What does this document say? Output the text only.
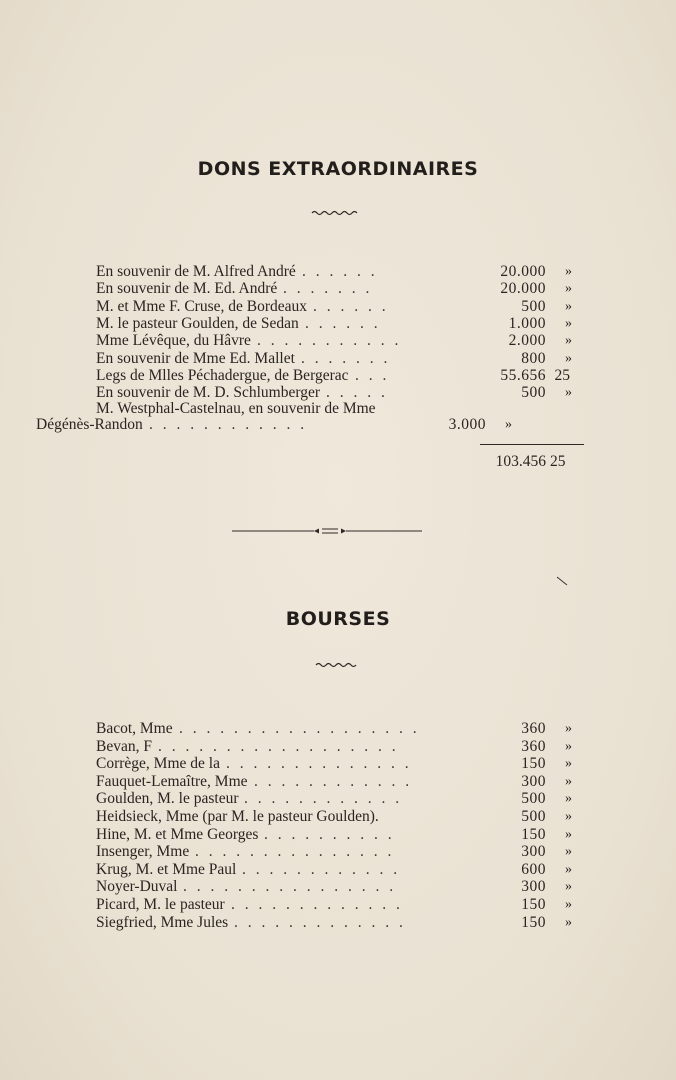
DONS EXTRAORDINAIRES
En souvenir de M. Alfred André . . . . . .	20.000 »
En souvenir de M. Ed. André . . . . . . .	20.000 »
M. et Mme F. Cruse, de Bordeaux . . . . . .	500 »
M. le pasteur Goulden, de Sedan . . . . . .	1.000 »
Mme Lévêque, du Hâvre . . . . . . . . . . .	2.000 »
En souvenir de Mme Ed. Mallet . . . . . . .	800 »
Legs de Mlles Péchadergue, de Bergerac . . .	55.656 25
En souvenir de M. D. Schlumberger . . . . .	500 »
M. Westphal-Castelnau, en souvenir de Mme
Dégénès-Randon . . . . . . . . . . . .	3.000 »
103.456 25
BOURSES
Bacot, Mme . . . . . . . . . . . . . . . . . .	360 »
Bevan, F . . . . . . . . . . . . . . . . . .	360 »
Corrège, Mme de la . . . . . . . . . . . . . .	150 »
Fauquet-Lemaître, Mme . . . . . . . . . . . .	300 »
Goulden, M. le pasteur . . . . . . . . . . . .	500 »
Heidsieck, Mme (par M. le pasteur Goulden).	500 »
Hine, M. et Mme Georges . . . . . . . . . .	150 »
Insenger, Mme . . . . . . . . . . . . . . .	300 »
Krug, M. et Mme Paul . . . . . . . . . . . .	600 »
Noyer-Duval . . . . . . . . . . . . . . . .	300 »
Picard, M. le pasteur . . . . . . . . . . . . .	150 »
Siegfried, Mme Jules . . . . . . . . . . . . .	150 »
